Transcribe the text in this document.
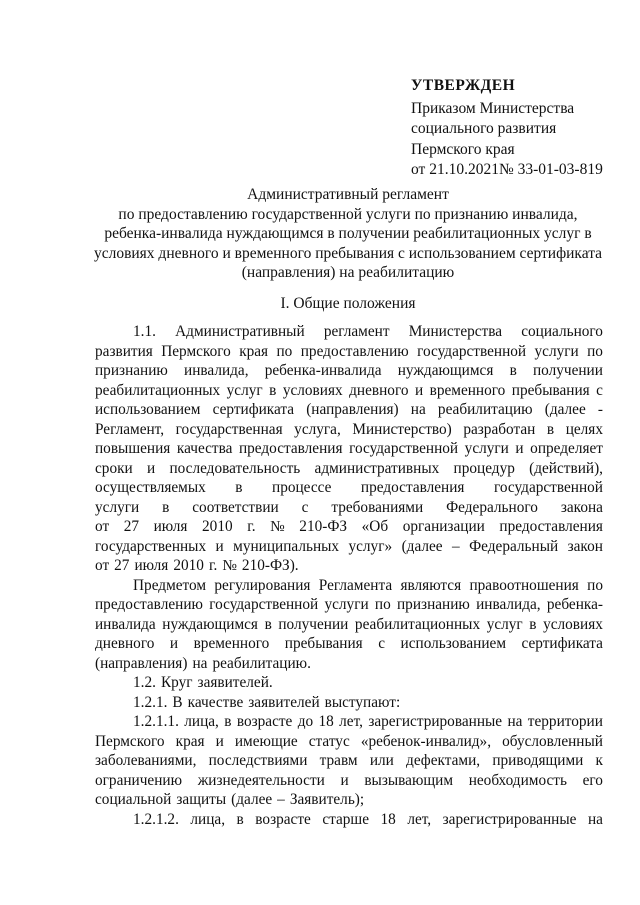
УТВЕРЖДЕН
Приказом Министерства
социального развития
Пермского края
от 21.10.2021№ 33-01-03-819
Административный регламент
по предоставлению государственной услуги по признанию инвалида,
ребенка-инвалида нуждающимся в получении реабилитационных услуг в
условиях дневного и временного пребывания с использованием сертификата
(направления) на реабилитацию
I. Общие положения
1.1. Административный регламент Министерства социального
развития Пермского края по предоставлению государственной услуги по
признанию инвалида, ребенка-инвалида нуждающимся в получении
реабилитационных услуг в условиях дневного и временного пребывания с
использованием сертификата (направления) на реабилитацию (далее -
Регламент, государственная услуга, Министерство) разработан в целях
повышения качества предоставления государственной услуги и определяет
сроки и последовательность административных процедур (действий),
осуществляемых в процессе предоставления государственной
услуги в соответствии с требованиями Федерального закона
от 27 июля 2010 г. № 210-ФЗ «Об организации предоставления
государственных и муниципальных услуг» (далее – Федеральный закон
от 27 июля 2010 г. № 210-ФЗ).
Предметом регулирования Регламента являются правоотношения по
предоставлению государственной услуги по признанию инвалида, ребенка-
инвалида нуждающимся в получении реабилитационных услуг в условиях
дневного и временного пребывания с использованием сертификата
(направления) на реабилитацию.
1.2. Круг заявителей.
1.2.1. В качестве заявителей выступают:
1.2.1.1. лица, в возрасте до 18 лет, зарегистрированные на территории
Пермского края и имеющие статус «ребенок-инвалид», обусловленный
заболеваниями, последствиями травм или дефектами, приводящими к
ограничению жизнедеятельности и вызывающим необходимость его
социальной защиты (далее – Заявитель);
1.2.1.2. лица, в возрасте старше 18 лет, зарегистрированные на
